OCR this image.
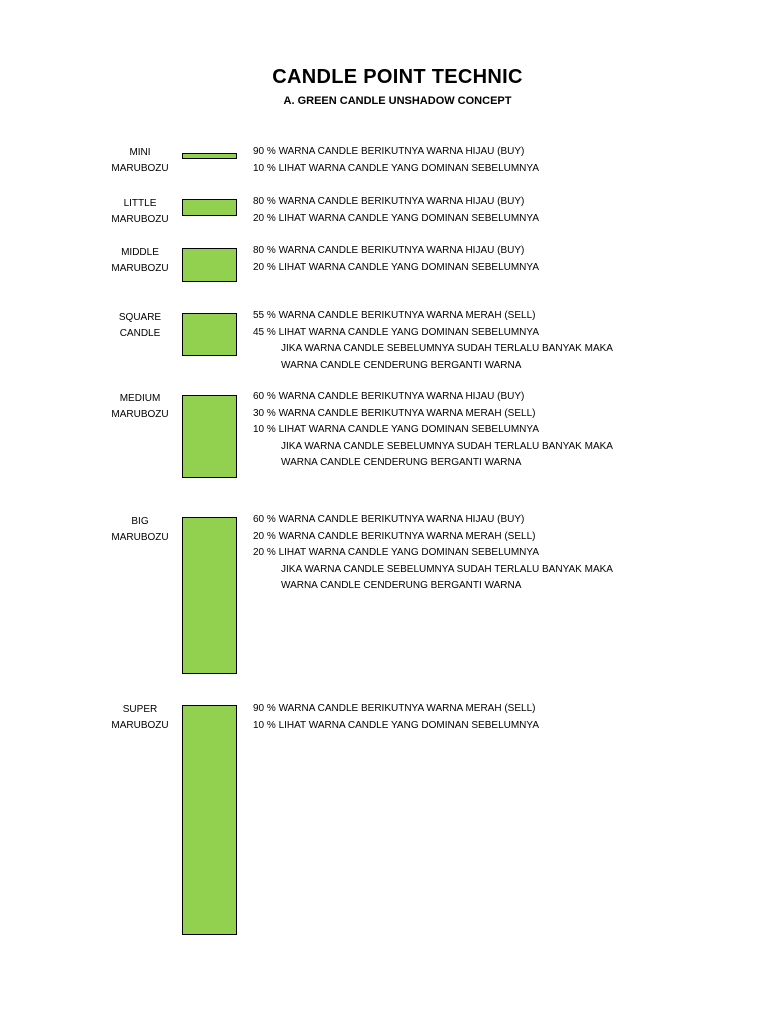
CANDLE POINT TECHNIC
A. GREEN CANDLE UNSHADOW CONCEPT
MINI
MARUBOZU
90 % WARNA CANDLE BERIKUTNYA WARNA HIJAU (BUY)
10 % LIHAT WARNA CANDLE YANG DOMINAN SEBELUMNYA
LITTLE
MARUBOZU
80 % WARNA CANDLE BERIKUTNYA WARNA HIJAU (BUY)
20 % LIHAT WARNA CANDLE YANG DOMINAN SEBELUMNYA
MIDDLE
MARUBOZU
80 % WARNA CANDLE BERIKUTNYA WARNA HIJAU (BUY)
20 % LIHAT WARNA CANDLE YANG DOMINAN SEBELUMNYA
SQUARE
CANDLE
55 % WARNA CANDLE BERIKUTNYA WARNA MERAH (SELL)
45 % LIHAT WARNA CANDLE YANG DOMINAN SEBELUMNYA
JIKA WARNA CANDLE SEBELUMNYA SUDAH TERLALU BANYAK MAKA
WARNA CANDLE CENDERUNG BERGANTI WARNA
MEDIUM
MARUBOZU
60 % WARNA CANDLE BERIKUTNYA WARNA HIJAU (BUY)
30 % WARNA CANDLE BERIKUTNYA WARNA MERAH (SELL)
10 % LIHAT WARNA CANDLE YANG DOMINAN SEBELUMNYA
JIKA WARNA CANDLE SEBELUMNYA SUDAH TERLALU BANYAK MAKA
WARNA CANDLE CENDERUNG BERGANTI WARNA
BIG
MARUBOZU
60 % WARNA CANDLE BERIKUTNYA WARNA HIJAU (BUY)
20 % WARNA CANDLE BERIKUTNYA WARNA MERAH (SELL)
20 % LIHAT WARNA CANDLE YANG DOMINAN SEBELUMNYA
JIKA WARNA CANDLE SEBELUMNYA SUDAH TERLALU BANYAK MAKA
WARNA CANDLE CENDERUNG BERGANTI WARNA
SUPER
MARUBOZU
90 % WARNA CANDLE BERIKUTNYA WARNA MERAH (SELL)
10 % LIHAT WARNA CANDLE YANG DOMINAN SEBELUMNYA
